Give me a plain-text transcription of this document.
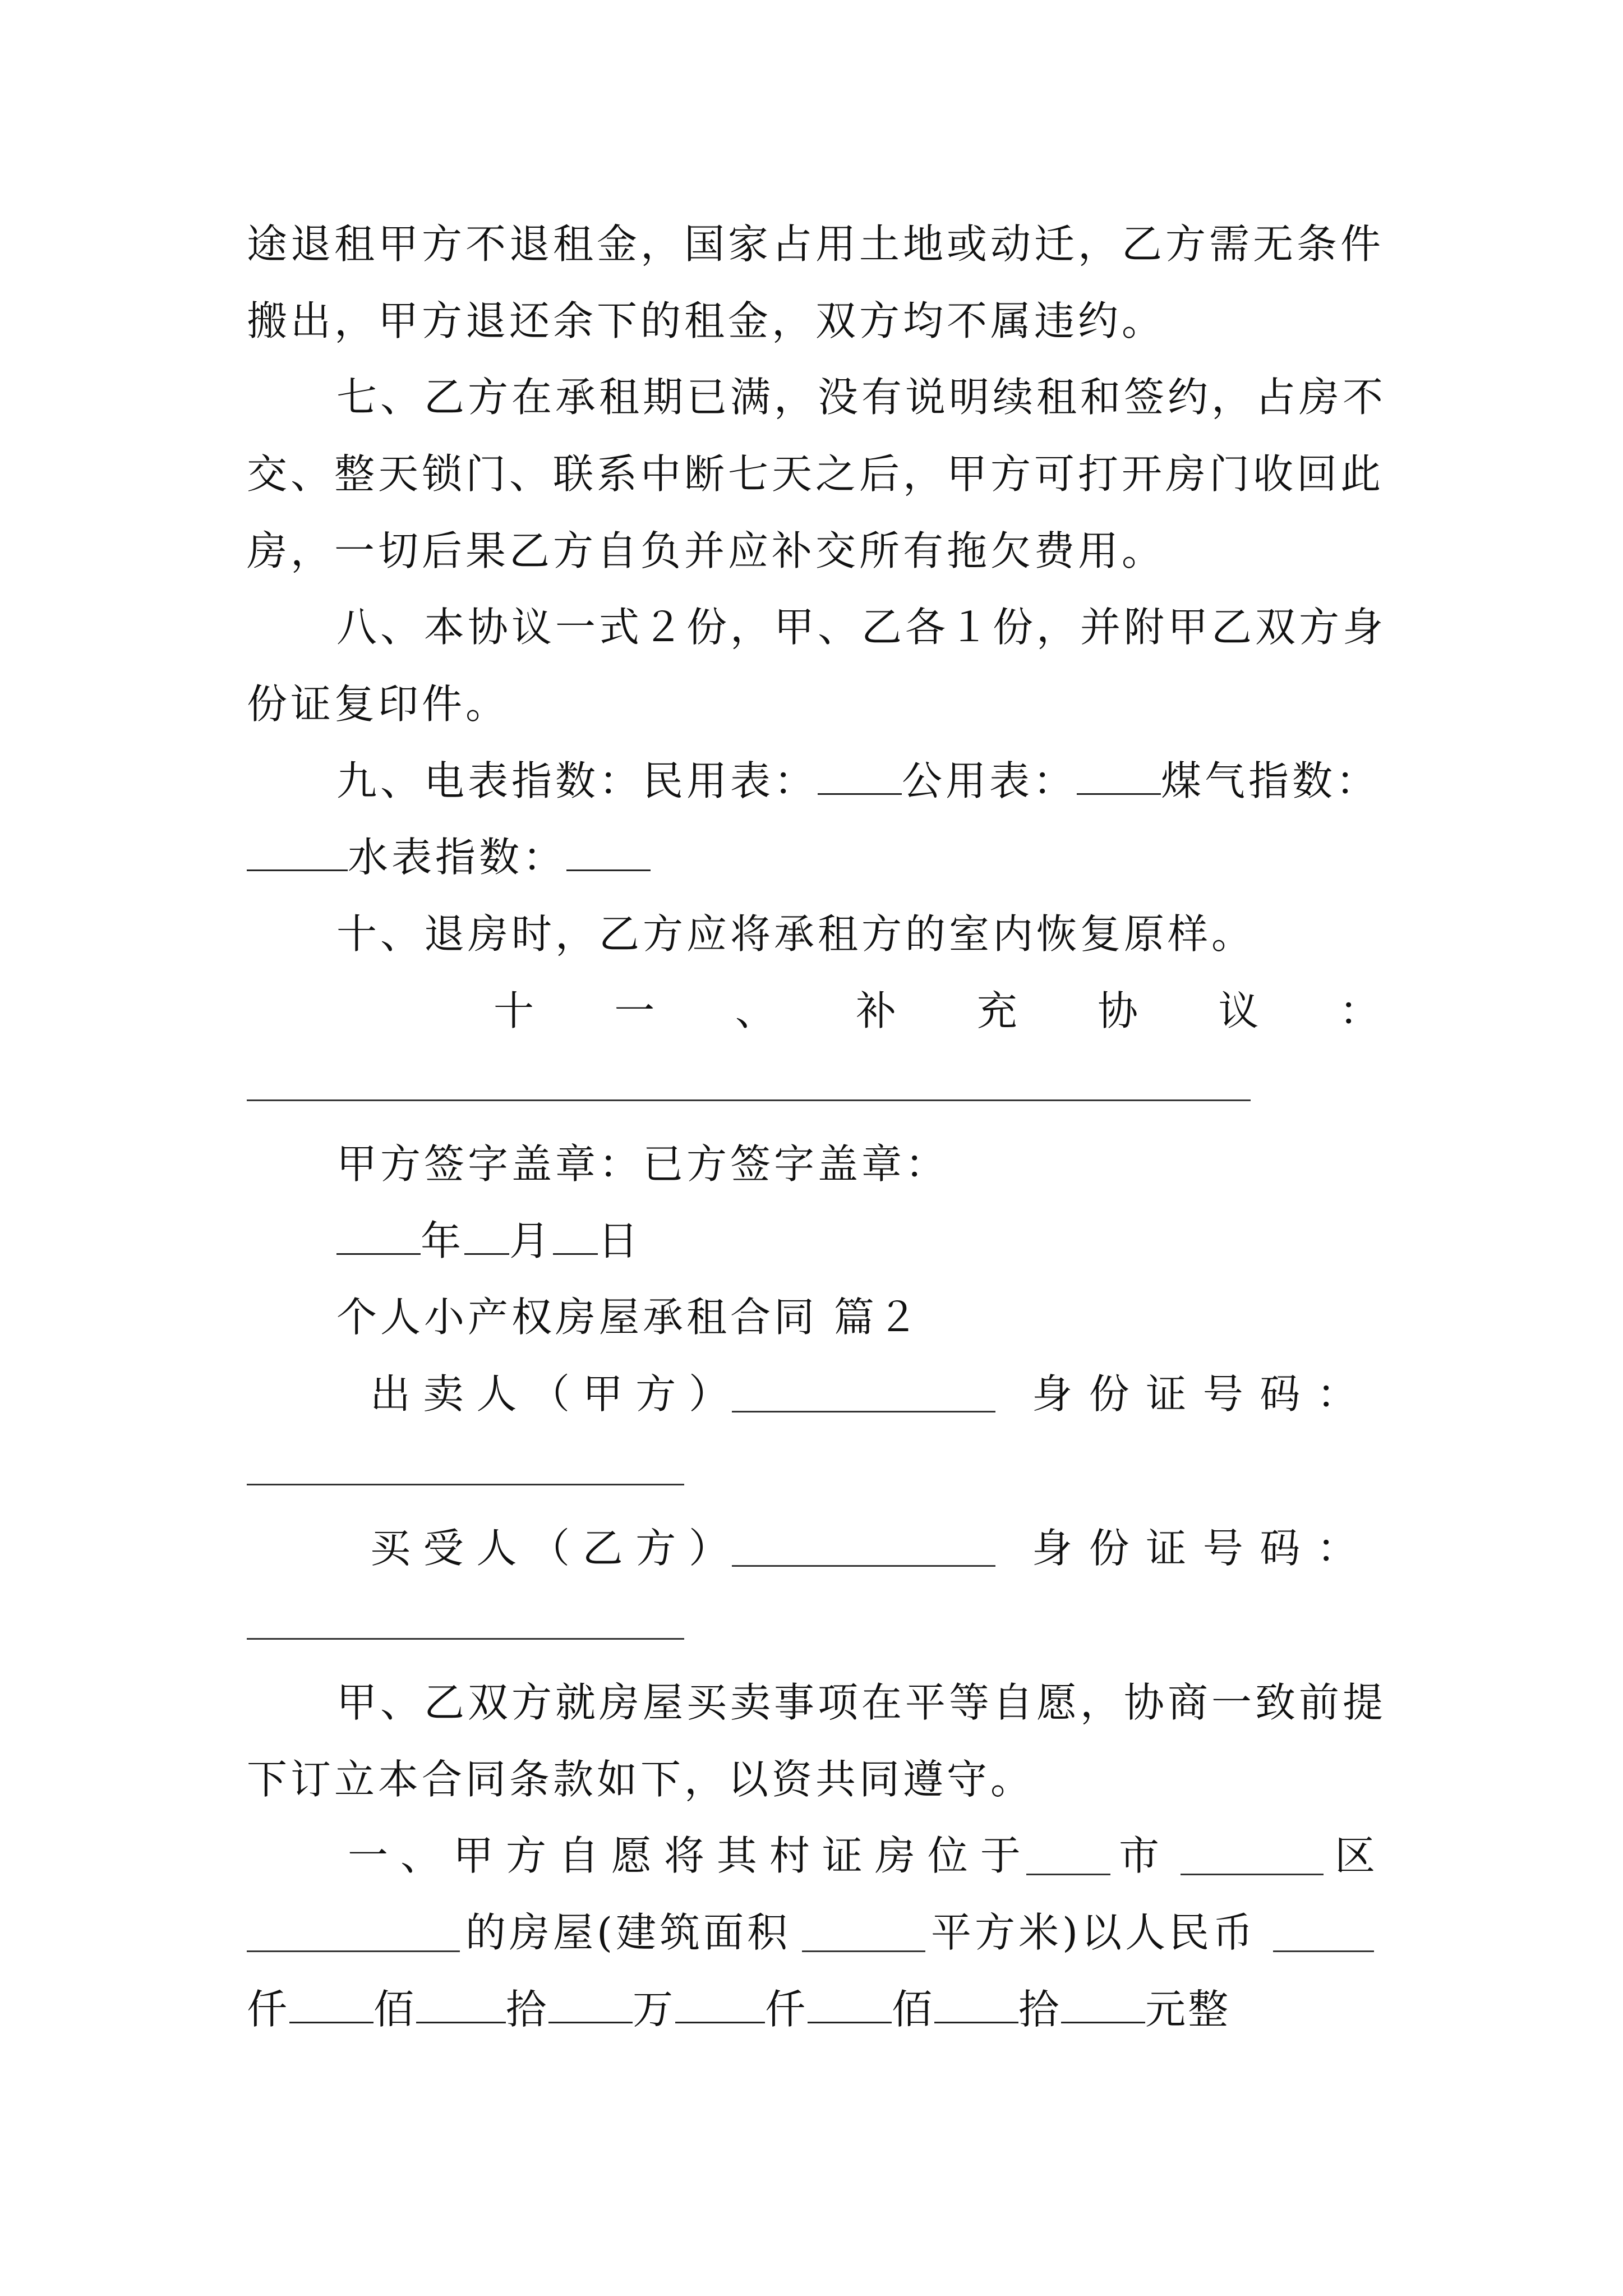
途退租甲方不退租金，国家占用土地或动迁，乙方需无条件
搬出，甲方退还余下的租金，双方均不属违约。
七、乙方在承租期已满，没有说明续租和签约，占房不
交、整天锁门、联系中断七天之后，甲方可打开房门收回此
房，一切后果乙方自负并应补交所有拖欠费用。
八、本协议一式２份，甲、乙各１份，并附甲乙双方身
份证复印件。
九、电表指数：民用表： 公用表： 煤气指数：
水表指数：
十、退房时，乙方应将承租方的室内恢复原样。
十 一 、 补 充 协 议 ：
甲方签字盖章：已方签字盖章：
年 月 日
个人小产权房屋承租合同 篇２
出 卖 人 （ 甲 方 ）	身 份 证 号 码 ：
买 受 人 （ 乙 方 ）	身 份 证 号 码 ：
甲、乙双方就房屋买卖事项在平等自愿，协商一致前提
下订立本合同条款如下，以资共同遵守。
一 、 甲 方 自 愿 将 其 村 证 房 位 于 市	区
的房屋(建筑面积	平方米)以人民币
仟 佰 拾 万 仟 佰 拾 元整
